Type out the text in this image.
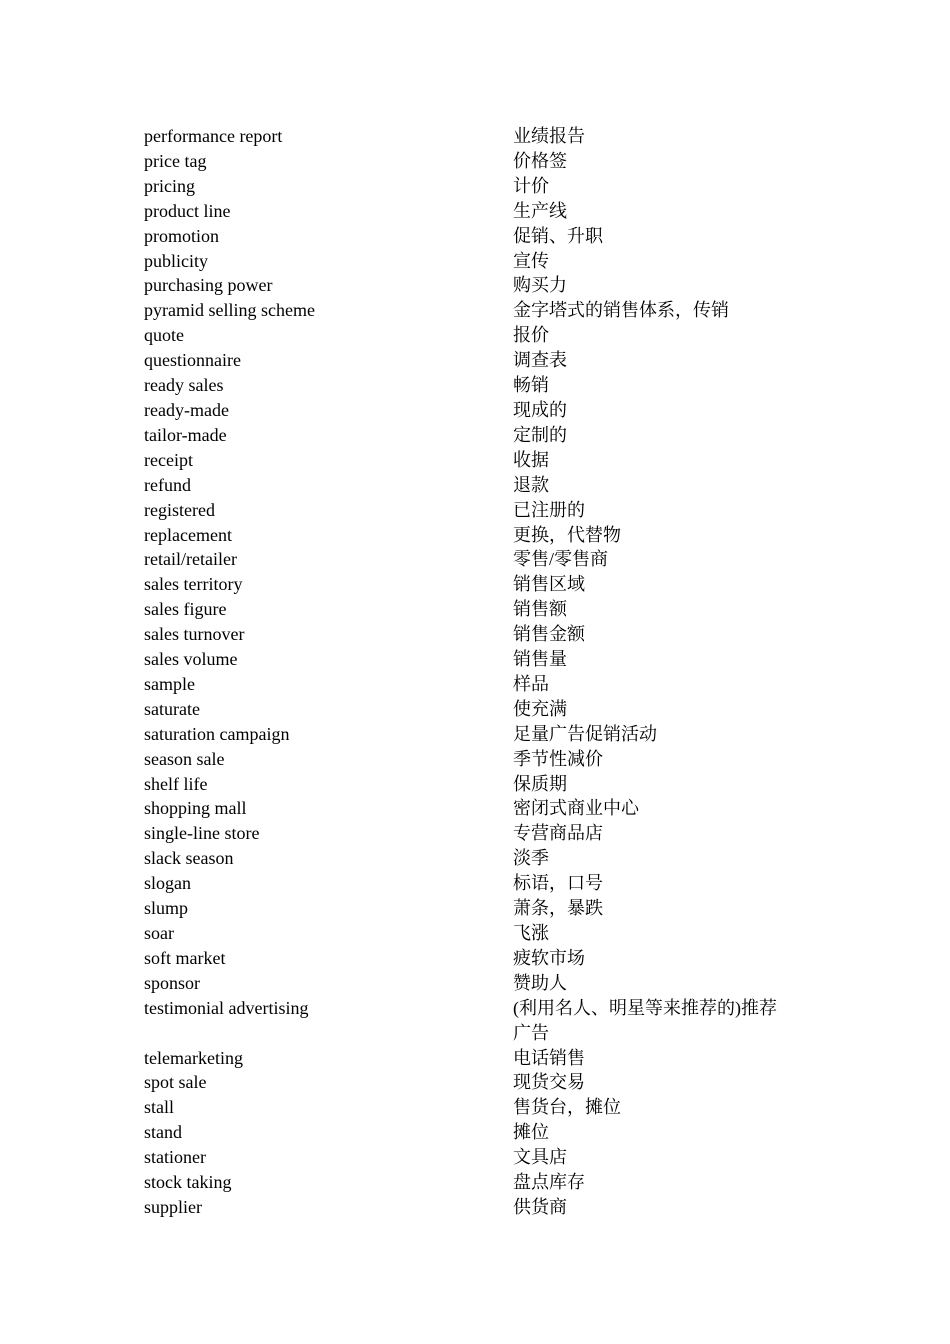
performance report	业绩报告
price tag	价格签
pricing	计价
product line	生产线
promotion	促销、升职
publicity	宣传
purchasing power	购买力
pyramid selling scheme	金字塔式的销售体系，传销
quote	报价
questionnaire	调查表
ready sales	畅销
ready-made	现成的
tailor-made	定制的
receipt	收据
refund	退款
registered	已注册的
replacement	更换，代替物
retail/retailer	零售/零售商
sales territory	销售区域
sales figure	销售额
sales turnover	销售金额
sales volume	销售量
sample	样品
saturate	使充满
saturation campaign	足量广告促销活动
season sale	季节性减价
shelf life	保质期
shopping mall	密闭式商业中心
single-line store	专营商品店
slack season	淡季
slogan	标语，口号
slump	萧条，暴跌
soar	飞涨
soft market	疲软市场
sponsor	赞助人
testimonial advertising	(利用名人、明星等来推荐的)推荐广告
telemarketing	电话销售
spot sale	现货交易
stall	售货台，摊位
stand	摊位
stationer	文具店
stock taking	盘点库存
supplier	供货商
